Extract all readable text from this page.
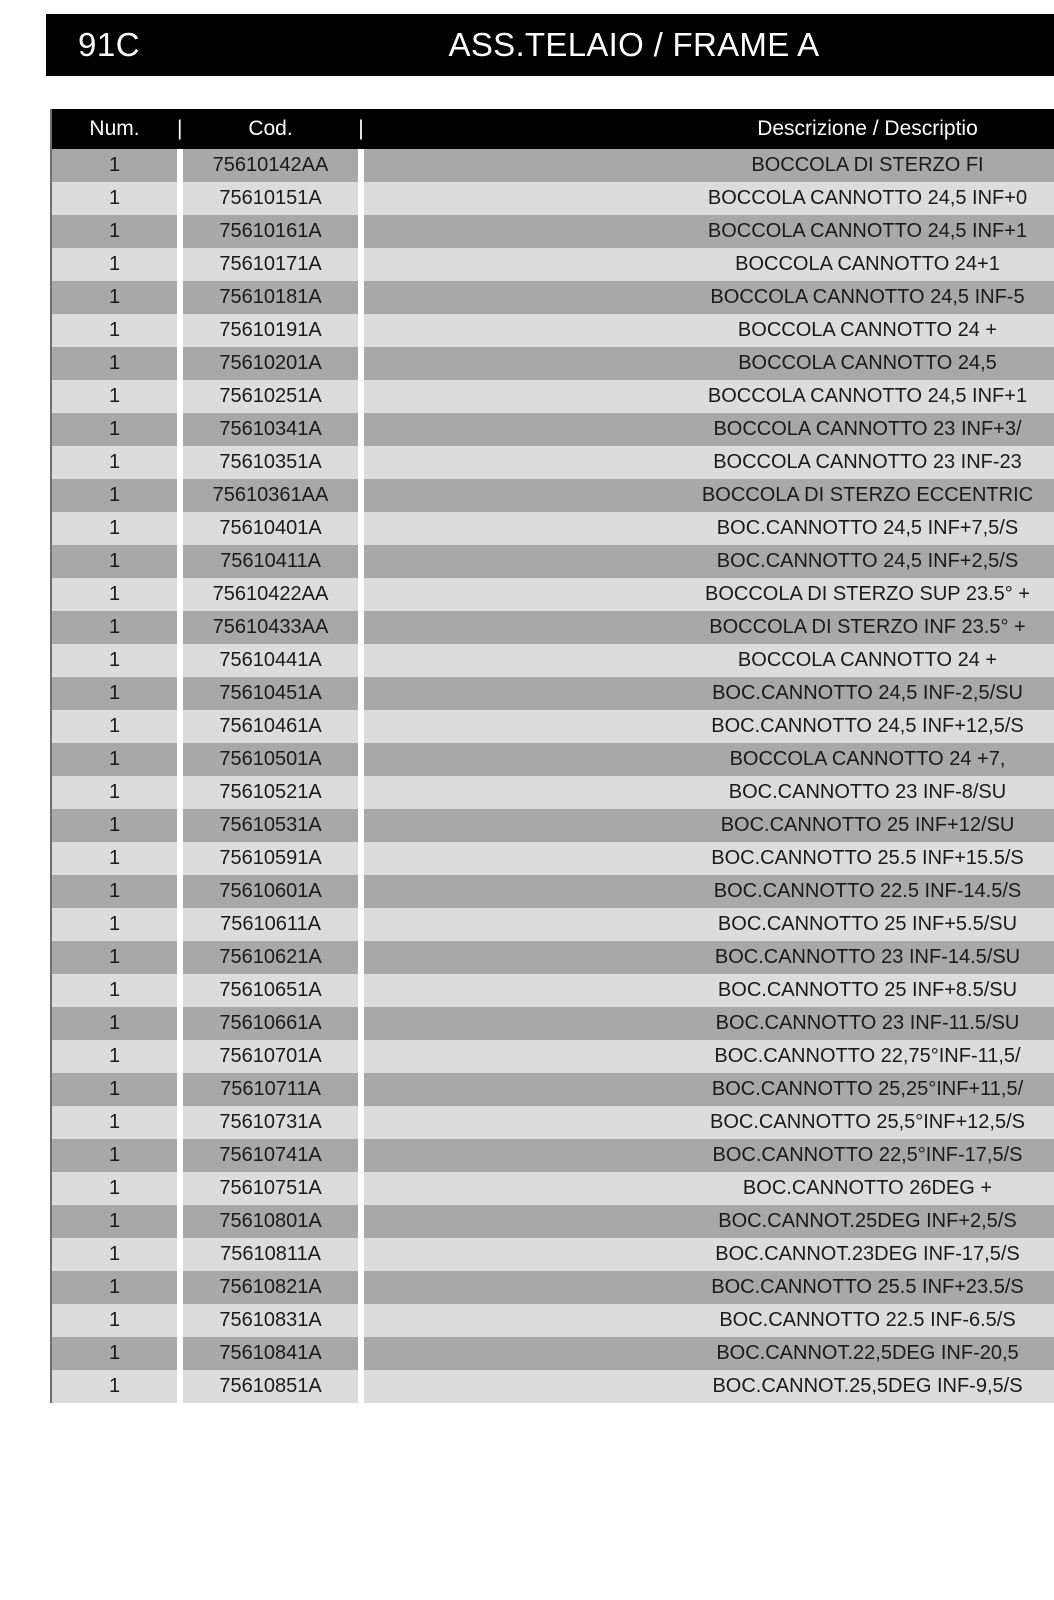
91C	ASS.TELAIO / FRAME A
Num.	|	Cod.	|	Descrizione / Descriptio
1		75610142AA		BOCCOLA DI STERZO FI
1		75610151A		BOCCOLA CANNOTTO 24,5 INF+0
1		75610161A		BOCCOLA CANNOTTO 24,5 INF+1
1		75610171A		BOCCOLA CANNOTTO 24+1
1		75610181A		BOCCOLA CANNOTTO 24,5 INF-5
1		75610191A		BOCCOLA CANNOTTO 24 +
1		75610201A		BOCCOLA CANNOTTO 24,5
1		75610251A		BOCCOLA CANNOTTO 24,5 INF+1
1		75610341A		BOCCOLA CANNOTTO 23 INF+3/
1		75610351A		BOCCOLA CANNOTTO 23 INF-23
1		75610361AA		BOCCOLA DI STERZO ECCENTRIC
1		75610401A		BOC.CANNOTTO 24,5 INF+7,5/S
1		75610411A		BOC.CANNOTTO 24,5 INF+2,5/S
1		75610422AA		BOCCOLA DI STERZO SUP 23.5° +
1		75610433AA		BOCCOLA DI STERZO INF 23.5° +
1		75610441A		BOCCOLA CANNOTTO 24 +
1		75610451A		BOC.CANNOTTO 24,5 INF-2,5/SU
1		75610461A		BOC.CANNOTTO 24,5 INF+12,5/S
1		75610501A		BOCCOLA CANNOTTO 24 +7,
1		75610521A		BOC.CANNOTTO 23 INF-8/SU
1		75610531A		BOC.CANNOTTO 25 INF+12/SU
1		75610591A		BOC.CANNOTTO 25.5 INF+15.5/S
1		75610601A		BOC.CANNOTTO 22.5 INF-14.5/S
1		75610611A		BOC.CANNOTTO 25 INF+5.5/SU
1		75610621A		BOC.CANNOTTO 23 INF-14.5/SU
1		75610651A		BOC.CANNOTTO 25 INF+8.5/SU
1		75610661A		BOC.CANNOTTO 23 INF-11.5/SU
1		75610701A		BOC.CANNOTTO 22,75°INF-11,5/
1		75610711A		BOC.CANNOTTO 25,25°INF+11,5/
1		75610731A		BOC.CANNOTTO 25,5°INF+12,5/S
1		75610741A		BOC.CANNOTTO 22,5°INF-17,5/S
1		75610751A		BOC.CANNOTTO 26DEG +
1		75610801A		BOC.CANNOT.25DEG INF+2,5/S
1		75610811A		BOC.CANNOT.23DEG INF-17,5/S
1		75610821A		BOC.CANNOTTO 25.5 INF+23.5/S
1		75610831A		BOC.CANNOTTO 22.5 INF-6.5/S
1		75610841A		BOC.CANNOT.22,5DEG INF-20,5
1		75610851A		BOC.CANNOT.25,5DEG INF-9,5/S
